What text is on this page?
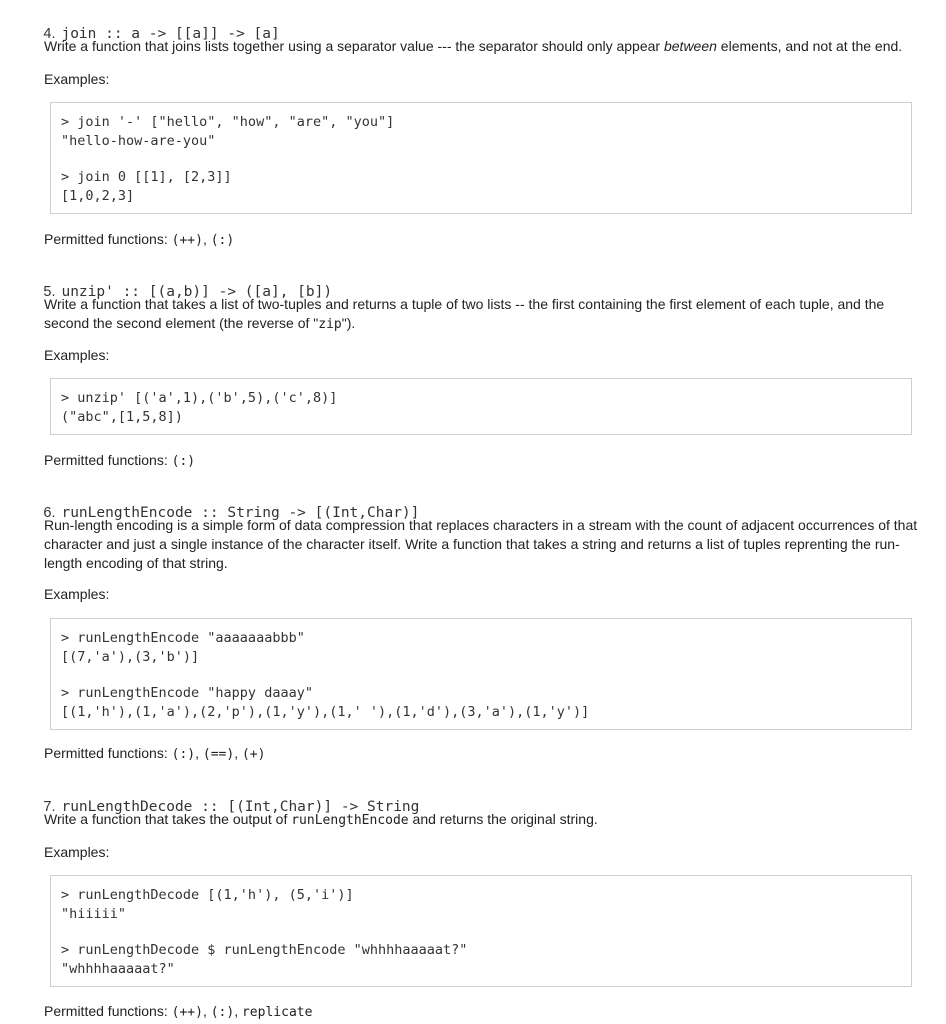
4. join :: a -> [[a]] -> [a]

Write a function that joins lists together using a separator value --- the separator should only appear between elements, and not at the end.
Examples:
> join '-' ["hello", "how", "are", "you"]
"hello-how-are-you"
> join 0 [[1], [2,3]]
[1,0,2,3]
Permitted functions: (++), (:)

5. unzip' :: [(a,b)] -> ([a], [b])

Write a function that takes a list of two-tuples and returns a tuple of two lists -- the first containing the first element of each tuple, and the second the second element (the reverse of "zip").
Examples:
> unzip' [('a',1),('b',5),('c',8)]
("abc",[1,5,8])
Permitted functions: (:)

6. runLengthEncode :: String -> [(Int,Char)]

Run-length encoding is a simple form of data compression that replaces characters in a stream with the count of adjacent occurrences of that character and just a single instance of the character itself. Write a function that takes a string and returns a list of tuples reprenting the run-length encoding of that string.
Examples:
> runLengthEncode "aaaaaaabbb"
[(7,'a'),(3,'b')]
> runLengthEncode "happy daaay"
[(1,'h'),(1,'a'),(2,'p'),(1,'y'),(1,' '),(1,'d'),(3,'a'),(1,'y')]
Permitted functions: (:), (==), (+)

7. runLengthDecode :: [(Int,Char)] -> String

Write a function that takes the output of runLengthEncode and returns the original string.
Examples:
> runLengthDecode [(1,'h'), (5,'i')]
"hiiiii"
> runLengthDecode $ runLengthEncode "whhhhaaaaat?"
"whhhhaaaaat?"
Permitted functions: (++), (:), replicate
